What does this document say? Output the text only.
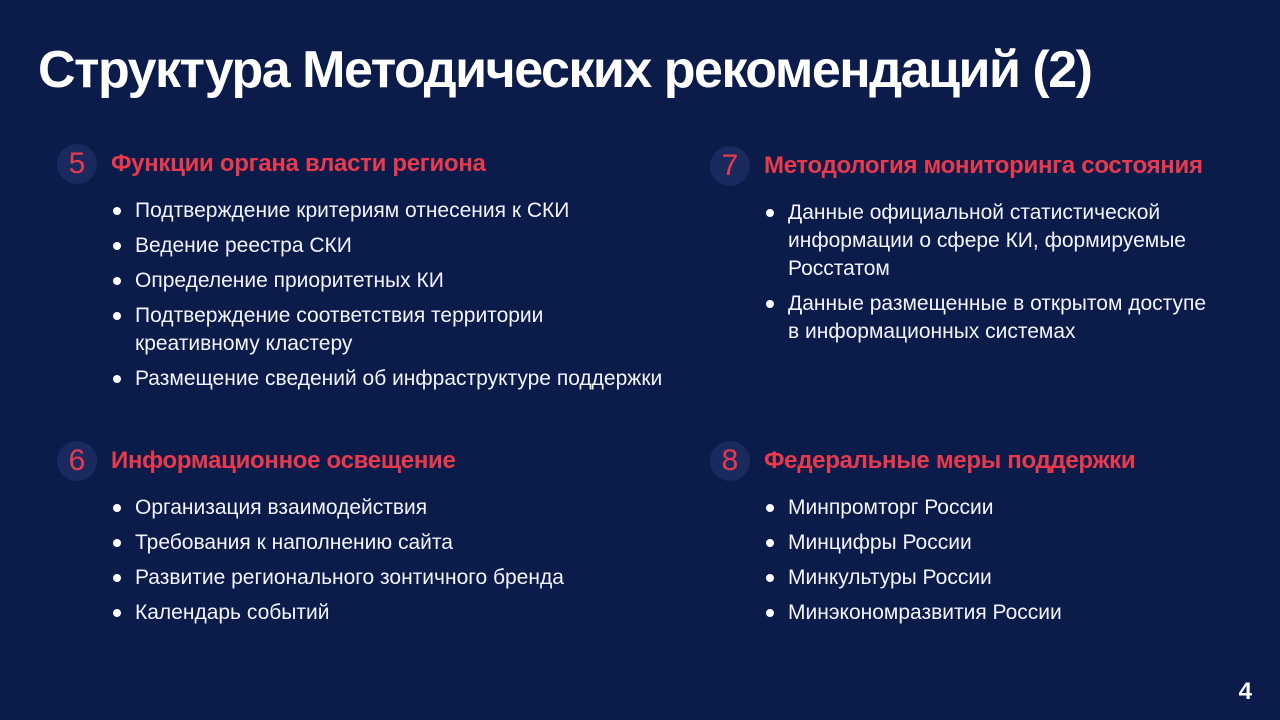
Структура Методических рекомендаций (2)
5	Функции органа власти региона
Подтверждение критериям отнесения к СКИ
Ведение реестра СКИ
Определение приоритетных КИ
Подтверждение соответствия территории креативному кластеру
Размещение сведений об инфраструктуре поддержки
6	Информационное освещение
Организация взаимодействия
Требования к наполнению сайта
Развитие регионального зонтичного бренда
Календарь событий
7	Методология мониторинга состояния
Данные официальной статистической информации о сфере КИ, формируемые Росстатом
Данные размещенные в открытом доступе в информационных системах
8	Федеральные меры поддержки
Минпромторг России
Минцифры России
Минкультуры России
Минэкономразвития России
4
